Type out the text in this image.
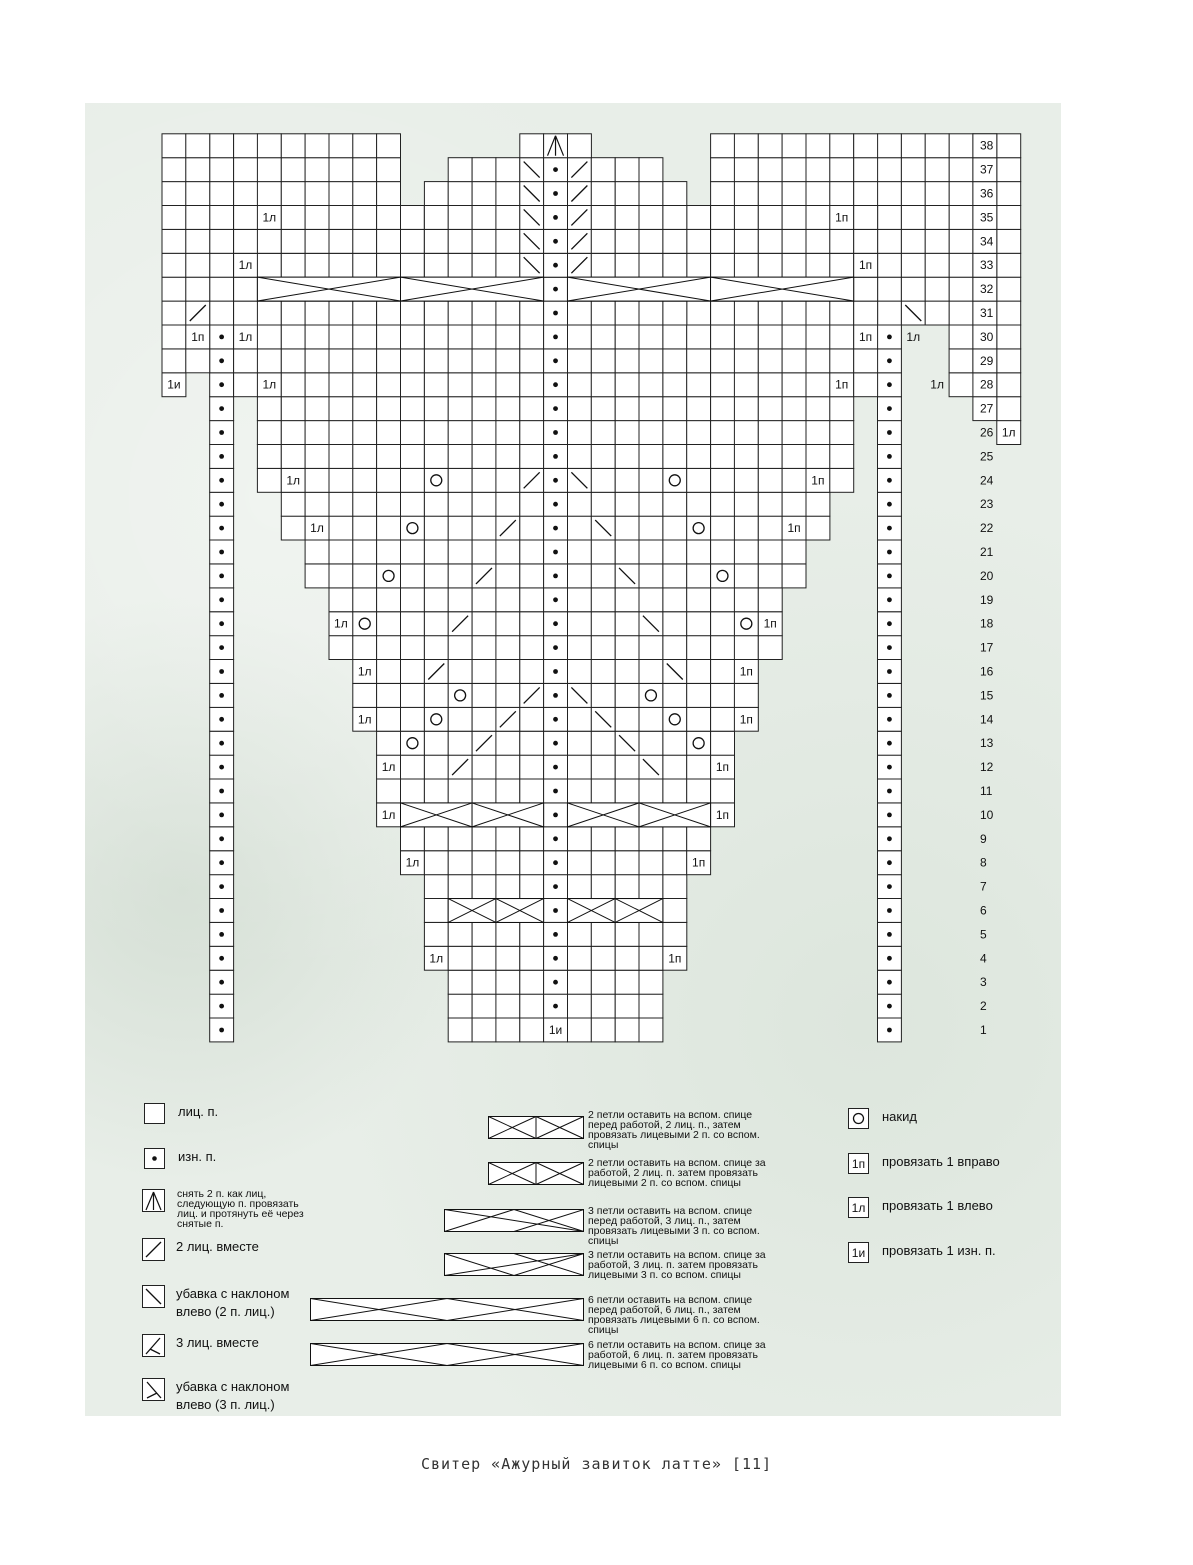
1л
1л
1л
1л
1л
1л
1л
1л
1л
1л
1л
1л
1л
1л
1л
1п
1п
1п
1п
1п
1п
1п
1п
1п
1п
1п
1п
1п
1п
1и
1л
1и	1
2
3
4
5
6
7
8
9
10
11
12
13
14
15
16
17
18
19
20
21
22
23
24
25
26
27
28
29
30
31
32
33
34
35
36
37
38
лиц. п.
изн. п.
снять 2 п. как лиц, следующую п. провязать лиц. и протянуть её через снятые п.
2 лиц. вместе
убавка с наклоном влево (2 п. лиц.)
3 лиц. вместе
убавка с наклоном влево (3 п. лиц.)
2 петли оставить на вспом. спице перед работой, 2 лиц. п., затем провязать лицевыми 2 п. со вспом. спицы
2 петли оставить на вспом. спице за работой, 2 лиц. п. затем провязать лицевыми 2 п. со вспом. спицы
3 петли оставить на вспом. спице перед работой, 3 лиц. п., затем провязать лицевыми 3 п. со вспом. спицы
3 петли оставить на вспом. спице за работой, 3 лиц. п. затем провязать лицевыми 3 п. со вспом. спицы
6 петли оставить на вспом. спице перед работой, 6 лиц. п., затем провязать лицевыми 6 п. со вспом. спицы
6 петли оставить на вспом. спице за работой, 6 лиц. п. затем провязать лицевыми 6 п. со вспом. спицы
накид
1п	провязать 1 вправо
1л провязать 1 влево
1и провязать 1 изн. п.
Свитер «Ажурный завиток латте» [11]
